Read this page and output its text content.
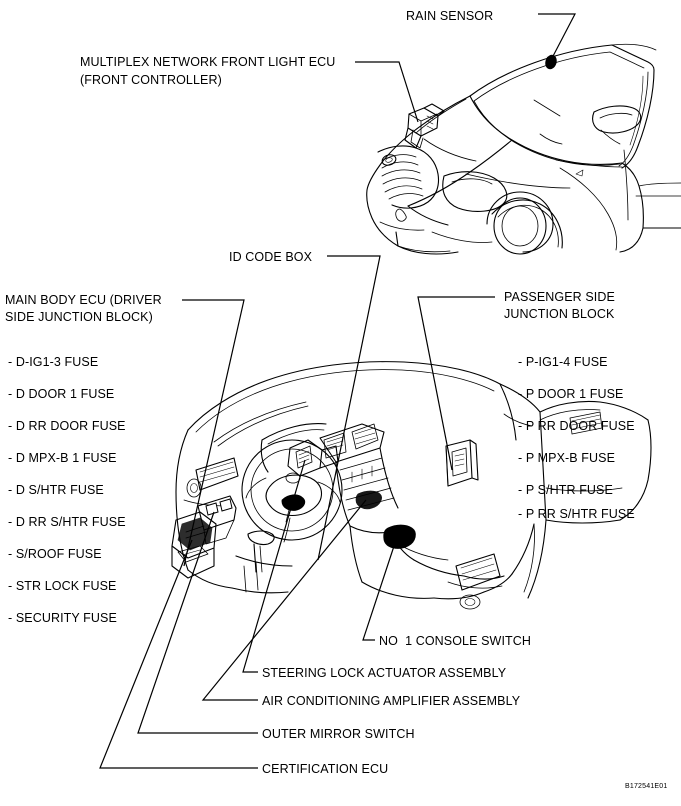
RAIN SENSOR
MULTIPLEX NETWORK FRONT LIGHT ECU
(FRONT CONTROLLER)
ID CODE BOX
MAIN BODY ECU (DRIVER
SIDE JUNCTION BLOCK)
PASSENGER SIDE
JUNCTION BLOCK
- D-IG1-3 FUSE
- D DOOR 1 FUSE
- D RR DOOR FUSE
- D MPX-B 1 FUSE
- D S/HTR FUSE
- D RR S/HTR FUSE
- S/ROOF FUSE
- STR LOCK FUSE
- SECURITY FUSE
- P-IG1-4 FUSE
- P DOOR 1 FUSE
- P RR DOOR FUSE
- P MPX-B FUSE
- P S/HTR FUSE
- P RR S/HTR FUSE
NO  1 CONSOLE SWITCH
STEERING LOCK ACTUATOR ASSEMBLY
AIR CONDITIONING AMPLIFIER ASSEMBLY
OUTER MIRROR SWITCH
CERTIFICATION ECU
B172541E01
